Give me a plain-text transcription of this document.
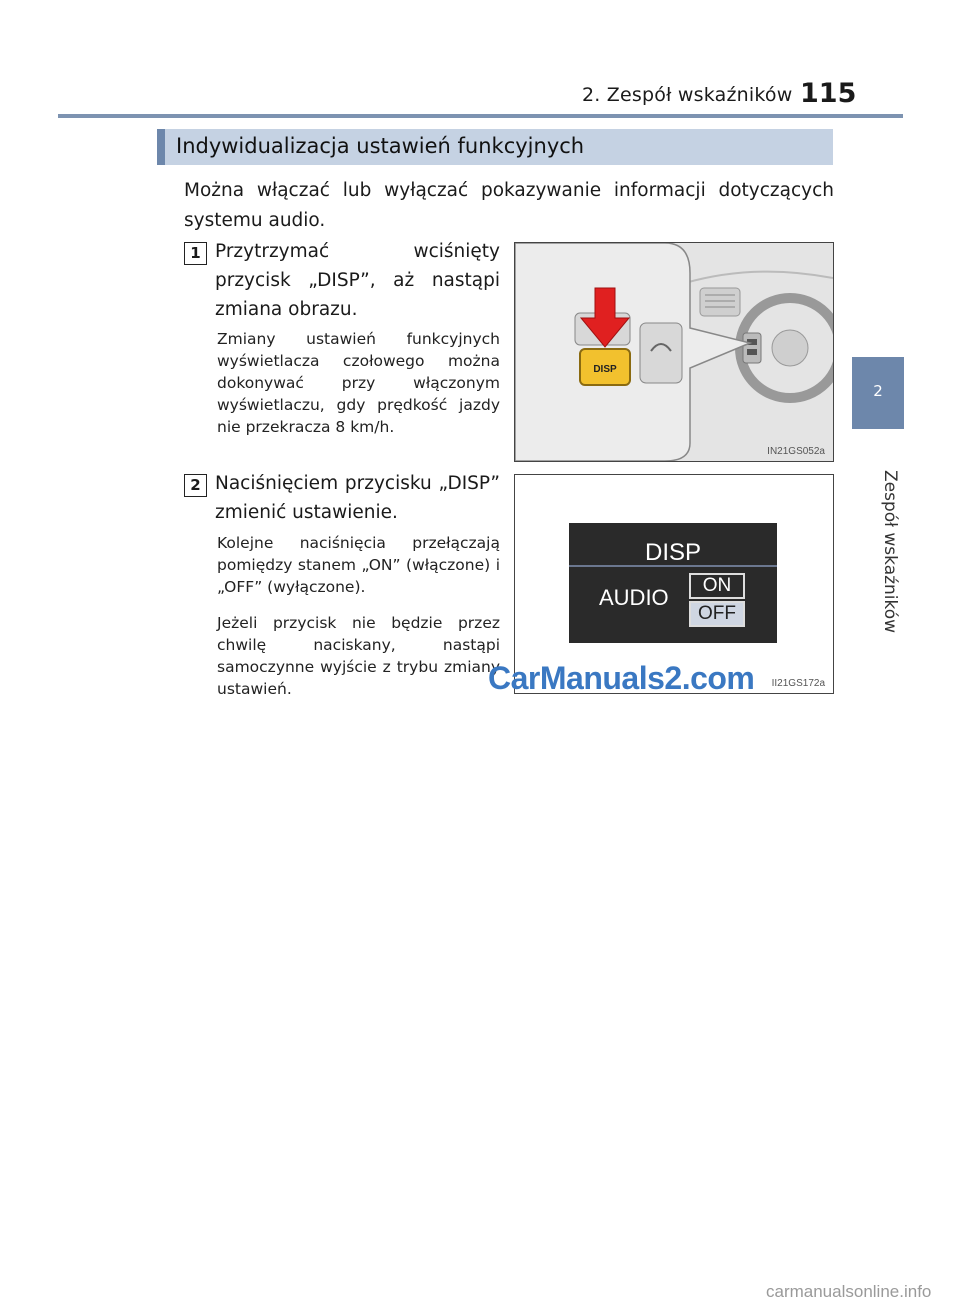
2. Zespół wskaźników 115
2
Zespół wskaźników
Indywidualizacja ustawień funkcyjnych
Można włączać lub wyłączać pokazywanie informacji dotyczących systemu audio.
1 Przytrzymać wciśnięty przycisk „DISP”, aż nastąpi zmiana obrazu.
Zmiany ustawień funkcyjnych wyświetlacza czołowego można dokonywać przy włączonym wyświetlaczu, gdy prędkość jazdy nie przekracza 8 km/h.
DISP
IN21GS052a
2 Naciśnięciem przycisku „DISP” zmienić ustawienie.
Kolejne naciśnięcia przełączają pomiędzy stanem „ON” (włączone) i „OFF” (wyłączone).
Jeżeli przycisk nie będzie przez chwilę naciskany, nastąpi samoczynne wyjście z trybu zmiany ustawień.
DISP
AUDIO	ON
OFF
II21GS172a
CarManuals2.com
carmanualsonline.info
